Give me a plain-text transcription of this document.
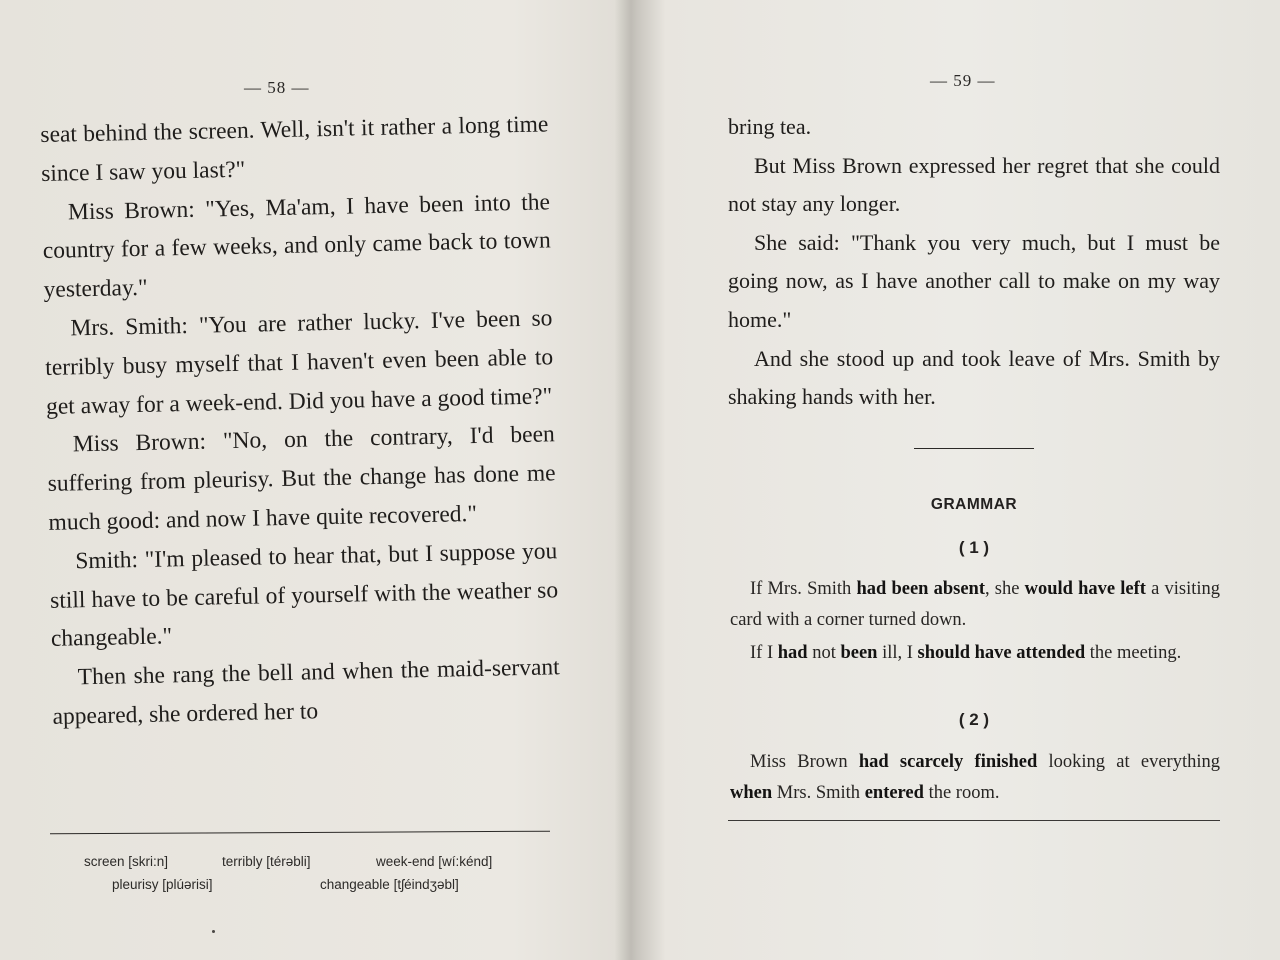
— 58 —

seat behind the screen. Well, isn't it rather a long time since I saw you last?"

Miss Brown: "Yes, Ma'am, I have been into the country for a few weeks, and only came back to town yesterday."

Mrs. Smith: "You are rather lucky. I've been so terribly busy myself that I haven't even been able to get away for a week-end. Did you have a good time?"

Miss Brown: "No, on the contrary, I'd been suffering from pleurisy. But the change has done me much good: and now I have quite recovered."

Smith: "I'm pleased to hear that, but I suppose you still have to be careful of yourself with the weather so changeable."

Then she rang the bell and when the maid-servant appeared, she ordered her to

screen [skri:n]	terribly [térəbli]	week-end [wí:kénd]
pleurisy [plúərisi]	changeable [tʃéindʒəbl]
— 59 —

bring tea.

But Miss Brown expressed her regret that she could not stay any longer.

She said: "Thank you very much, but I must be going now, as I have another call to make on my way home."

And she stood up and took leave of Mrs. Smith by shaking hands with her.

GRAMMAR
( 1 )

If Mrs. Smith had been absent, she would have left a visiting card with a corner turned down.

If I had not been ill, I should have attended the meeting.

( 2 )

Miss Brown had scarcely finished looking at everything when Mrs. Smith entered the room.
